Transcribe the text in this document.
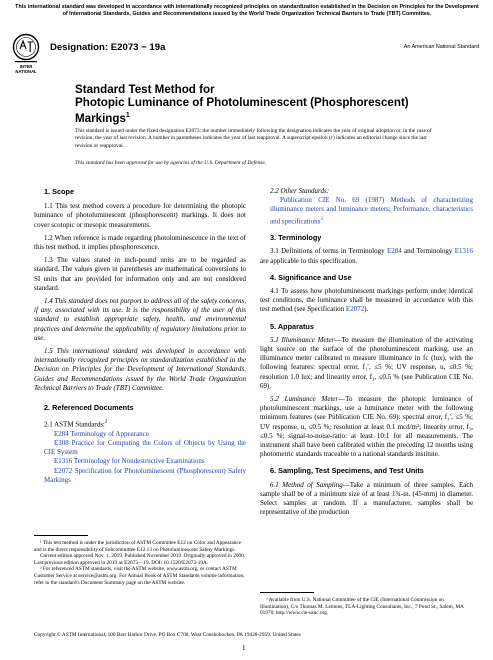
This international standard was developed in accordance with internationally recognized principles on standardization established in the Decision on Principles for the Development of International Standards, Guides and Recommendations issued by the World Trade Organization Technical Barriers to Trade (TBT) Committee.
INTER
NATIONAL
Designation: E2073 − 19a	An American National Standard
Standard Test Method for
Photopic Luminance of Photoluminescent (Phosphorescent) Markings$^1$
This standard is issued under the fixed designation E2073; the number immediately following the designation indicates the year of original adoption or, in the case of revision, the year of last revision. A number in parentheses indicates the year of last reapproval. A superscript epsilon (ε) indicates an editorial change since the last revision or reapproval.
This standard has been approved for use by agencies of the U.S. Department of Defense.

1. Scope

1.1 This test method covers a procedure for determining the photopic luminance of photoluminescent (phosphorescent) markings. It does not cover scotopic or mesopic measurements.

1.2 When reference is made regarding photoluminescence in the text of this test method, it implies phosphorescence.

1.3 The values stated in inch-pound units are to be regarded as standard. The values given in parentheses are mathematical conversions to SI units that are provided for information only and are not considered standard.

1.4 This standard does not purport to address all of the safety concerns, if any, associated with its use. It is the responsibility of the user of this standard to establish appropriate safety, health, and environmental practices and determine the applicability of regulatory limitations prior to use.

1.5 This international standard was developed in accordance with internationally recognized principles on standardization established in the Decision on Principles for the Development of International Standards, Guides and Recommendations issued by the World Trade Organization Technical Barriers to Trade (TBT) Committee.

2. Referenced Documents

2.1 ASTM Standards:$^2$

E284 Terminology of Appearance

E308 Practice for Computing the Colors of Objects by Using the CIE System

E1316 Terminology for Nondestructive Examinations

E2072 Specification for Photoluminescent (Phosphorescent) Safety Markings

2.2 Other Standards:

Publication CIE No. 69 (1987) Methods of characterizing illuminance meters and luminance meters; Performance, characteristics and specifications$^3$

3. Terminology

3.1 Definitions of terms in Terminology E284 and Terminology E1316 are applicable to this specification.

4. Significance and Use

4.1 To assess how photoluminescent markings perform under identical test conditions, the luminance shall be measured in accordance with this test method (see Specification E2072).

5. Apparatus

5.1 Illuminance Meter—To measure the illumination of the activating light source on the surface of the photoluminescent marking, use an illuminance meter calibrated to measure illuminance in fc (lux), with the following features: spectral error, f₁′, ≤5 %; UV response, u, ≤0.5 %; resolution 1.0 lux; and linearity error, f₃, ≤0.5 % (see Publication CIE No. 69).

5.2 Luminance Meter—To measure the photopic luminance of photoluminescent markings, use a luminance meter with the following minimum features (see Publication CIE No. 69): spectral error, f₁′, ≤5 %; UV response, u, ≤0.5 %; resolution at least 0.1 mcd/m²; linearity error, f₃, ≤0.5 %; signal-to-noise-ratio: at least 10:1 for all measurements. The instrument shall have been calibrated within the preceding 12 months using photometric standards traceable to a national standards institute.

6. Sampling, Test Specimens, and Test Units

6.1 Method of Sampling—Take a minimum of three samples. Each sample shall be of a minimum size of at least 1¾-in. (45-mm) in diameter. Select samples at random. If a manufacturer, samples shall be representative of the production

¹ This test method is under the jurisdiction of ASTM Committee E12 on Color and Appearance and is the direct responsibility of Subcommittee E12.13 on Photoluminescent Safety Markings.

Current edition approved Nov. 1, 2019. Published November 2019. Originally approved in 2000. Last previous edition approved in 2019 as E2073 – 19. DOI: 10.1520/E2073-19A.

² For referenced ASTM standards, visit the ASTM website, www.astm.org, or contact ASTM Customer Service at service@astm.org. For Annual Book of ASTM Standards volume information, refer to the standard's Document Summary page on the ASTM website.

³ Available from U.S. National Committee of the CIE (International Commission on Illumination), C/o Thomas M. Lemons, TLA-Lighting Consultants, Inc., 7 Pond St., Salem, MA 01970, http://www.cie-usnc.org.

Copyright © ASTM International, 100 Barr Harbor Drive, PO Box C700, West Conshohocken, PA 19428-2959. United States
1
